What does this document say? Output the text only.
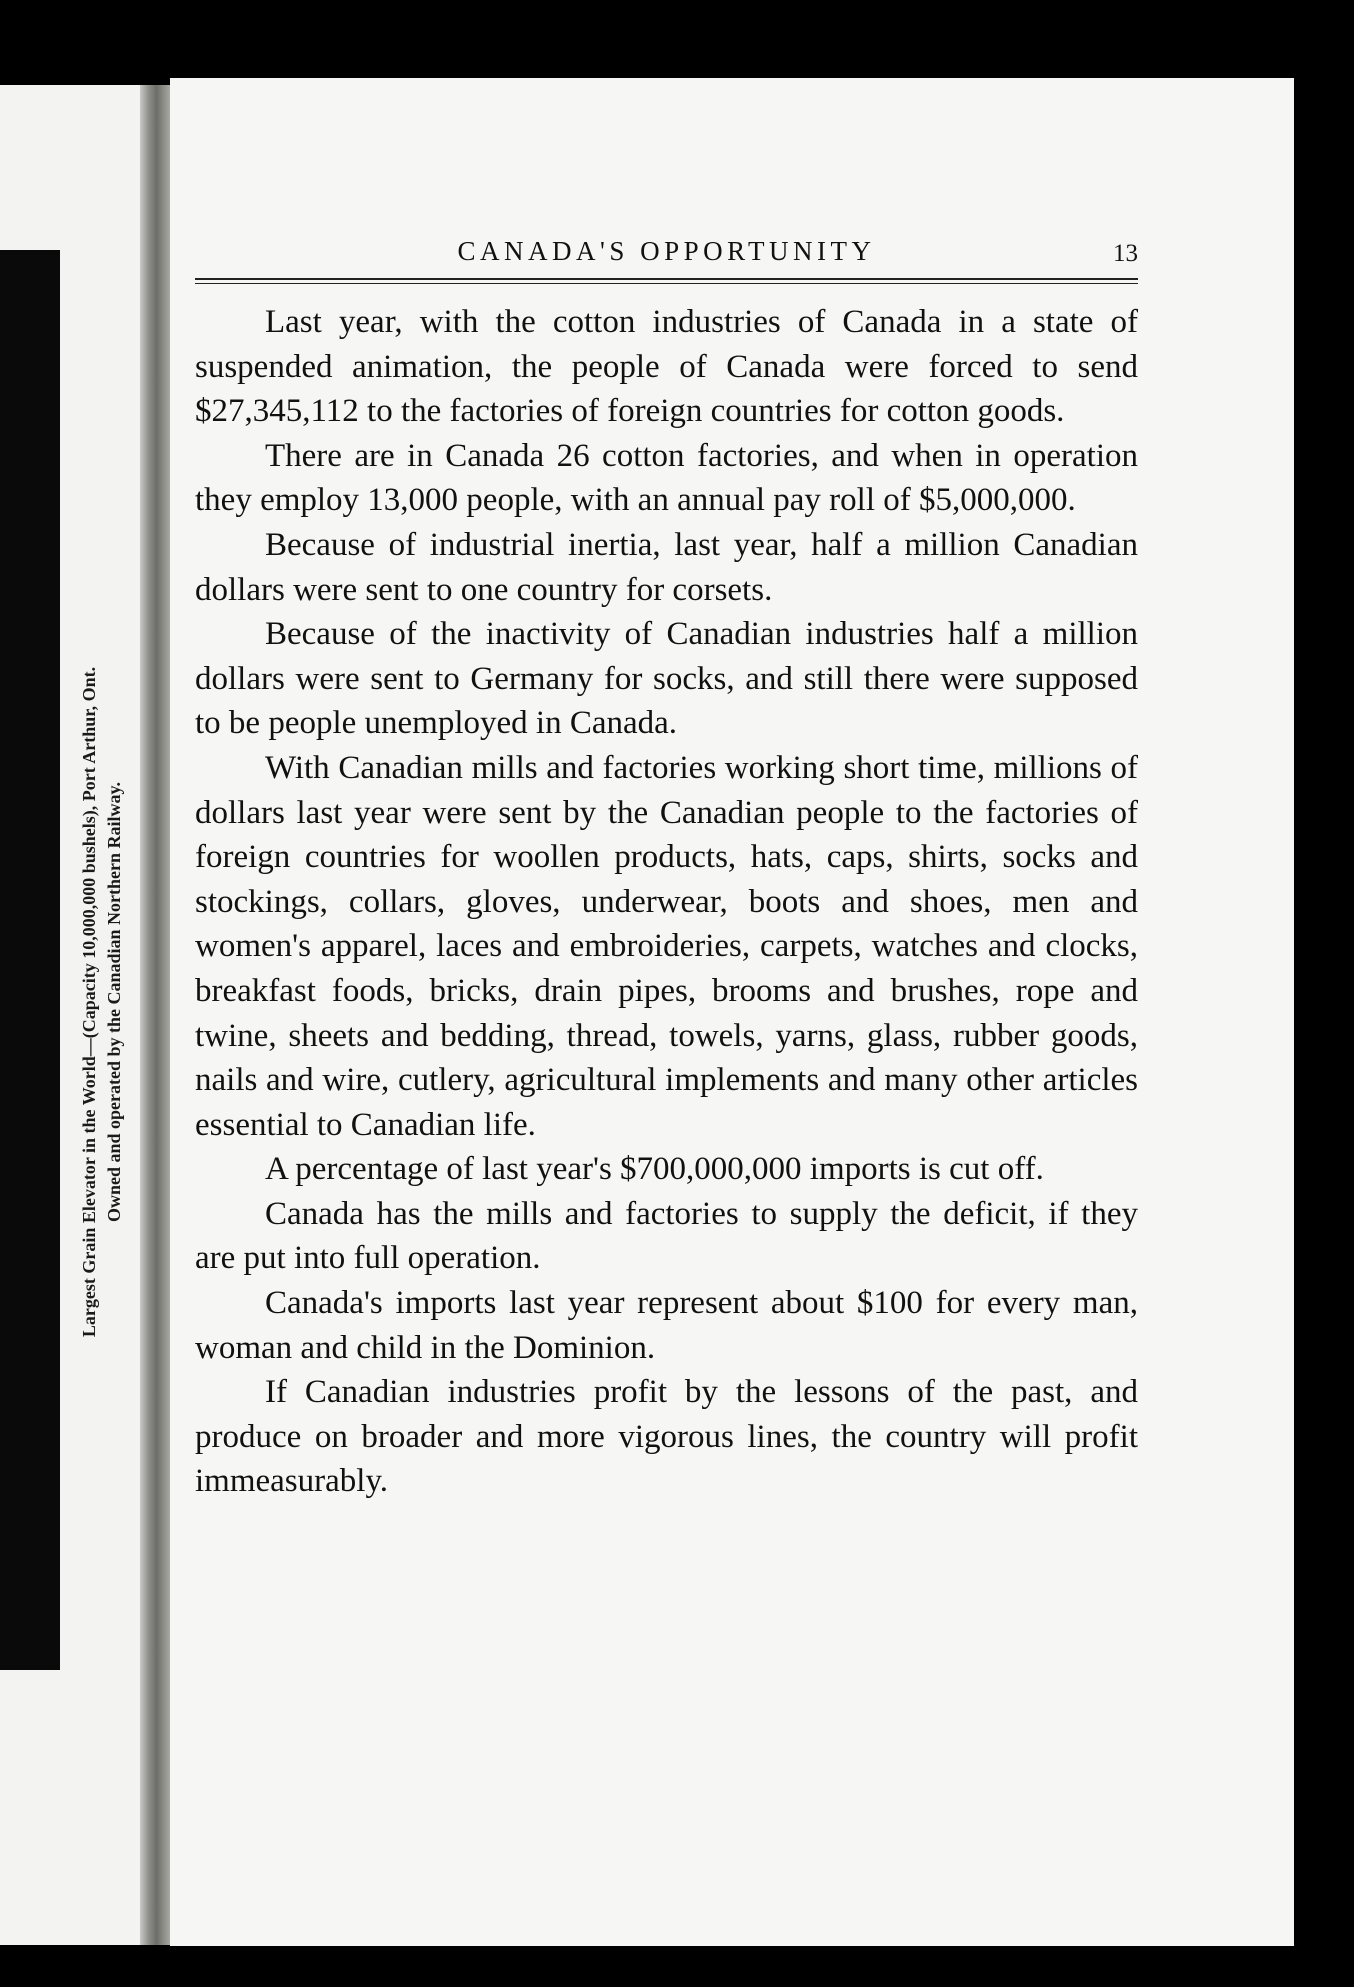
Largest Grain Elevator in the World—(Capacity 10,000,000 bushels), Port Arthur, Ont. Owned and operated by the Canadian Northern Railway.
CANADA'S OPPORTUNITY	13

Last year, with the cotton industries of Canada in a state of suspended animation, the people of Canada were forced to send $27,345,112 to the factories of foreign countries for cotton goods.

There are in Canada 26 cotton factories, and when in operation they employ 13,000 people, with an annual pay roll of $5,000,000.

Because of industrial inertia, last year, half a million Canadian dollars were sent to one country for corsets.

Because of the inactivity of Canadian industries half a million dollars were sent to Germany for socks, and still there were supposed to be people unemployed in Canada.

With Canadian mills and factories working short time, millions of dollars last year were sent by the Canadian people to the factories of foreign countries for woollen products, hats, caps, shirts, socks and stockings, collars, gloves, underwear, boots and shoes, men and women's apparel, laces and embroideries, carpets, watches and clocks, breakfast foods, bricks, drain pipes, brooms and brushes, rope and twine, sheets and bedding, thread, towels, yarns, glass, rubber goods, nails and wire, cutlery, agricultural implements and many other articles essential to Canadian life.

A percentage of last year's $700,000,000 imports is cut off.

Canada has the mills and factories to supply the deficit, if they are put into full operation.

Canada's imports last year represent about $100 for every man, woman and child in the Dominion.

If Canadian industries profit by the lessons of the past, and produce on broader and more vigorous lines, the country will profit immeasurably.
